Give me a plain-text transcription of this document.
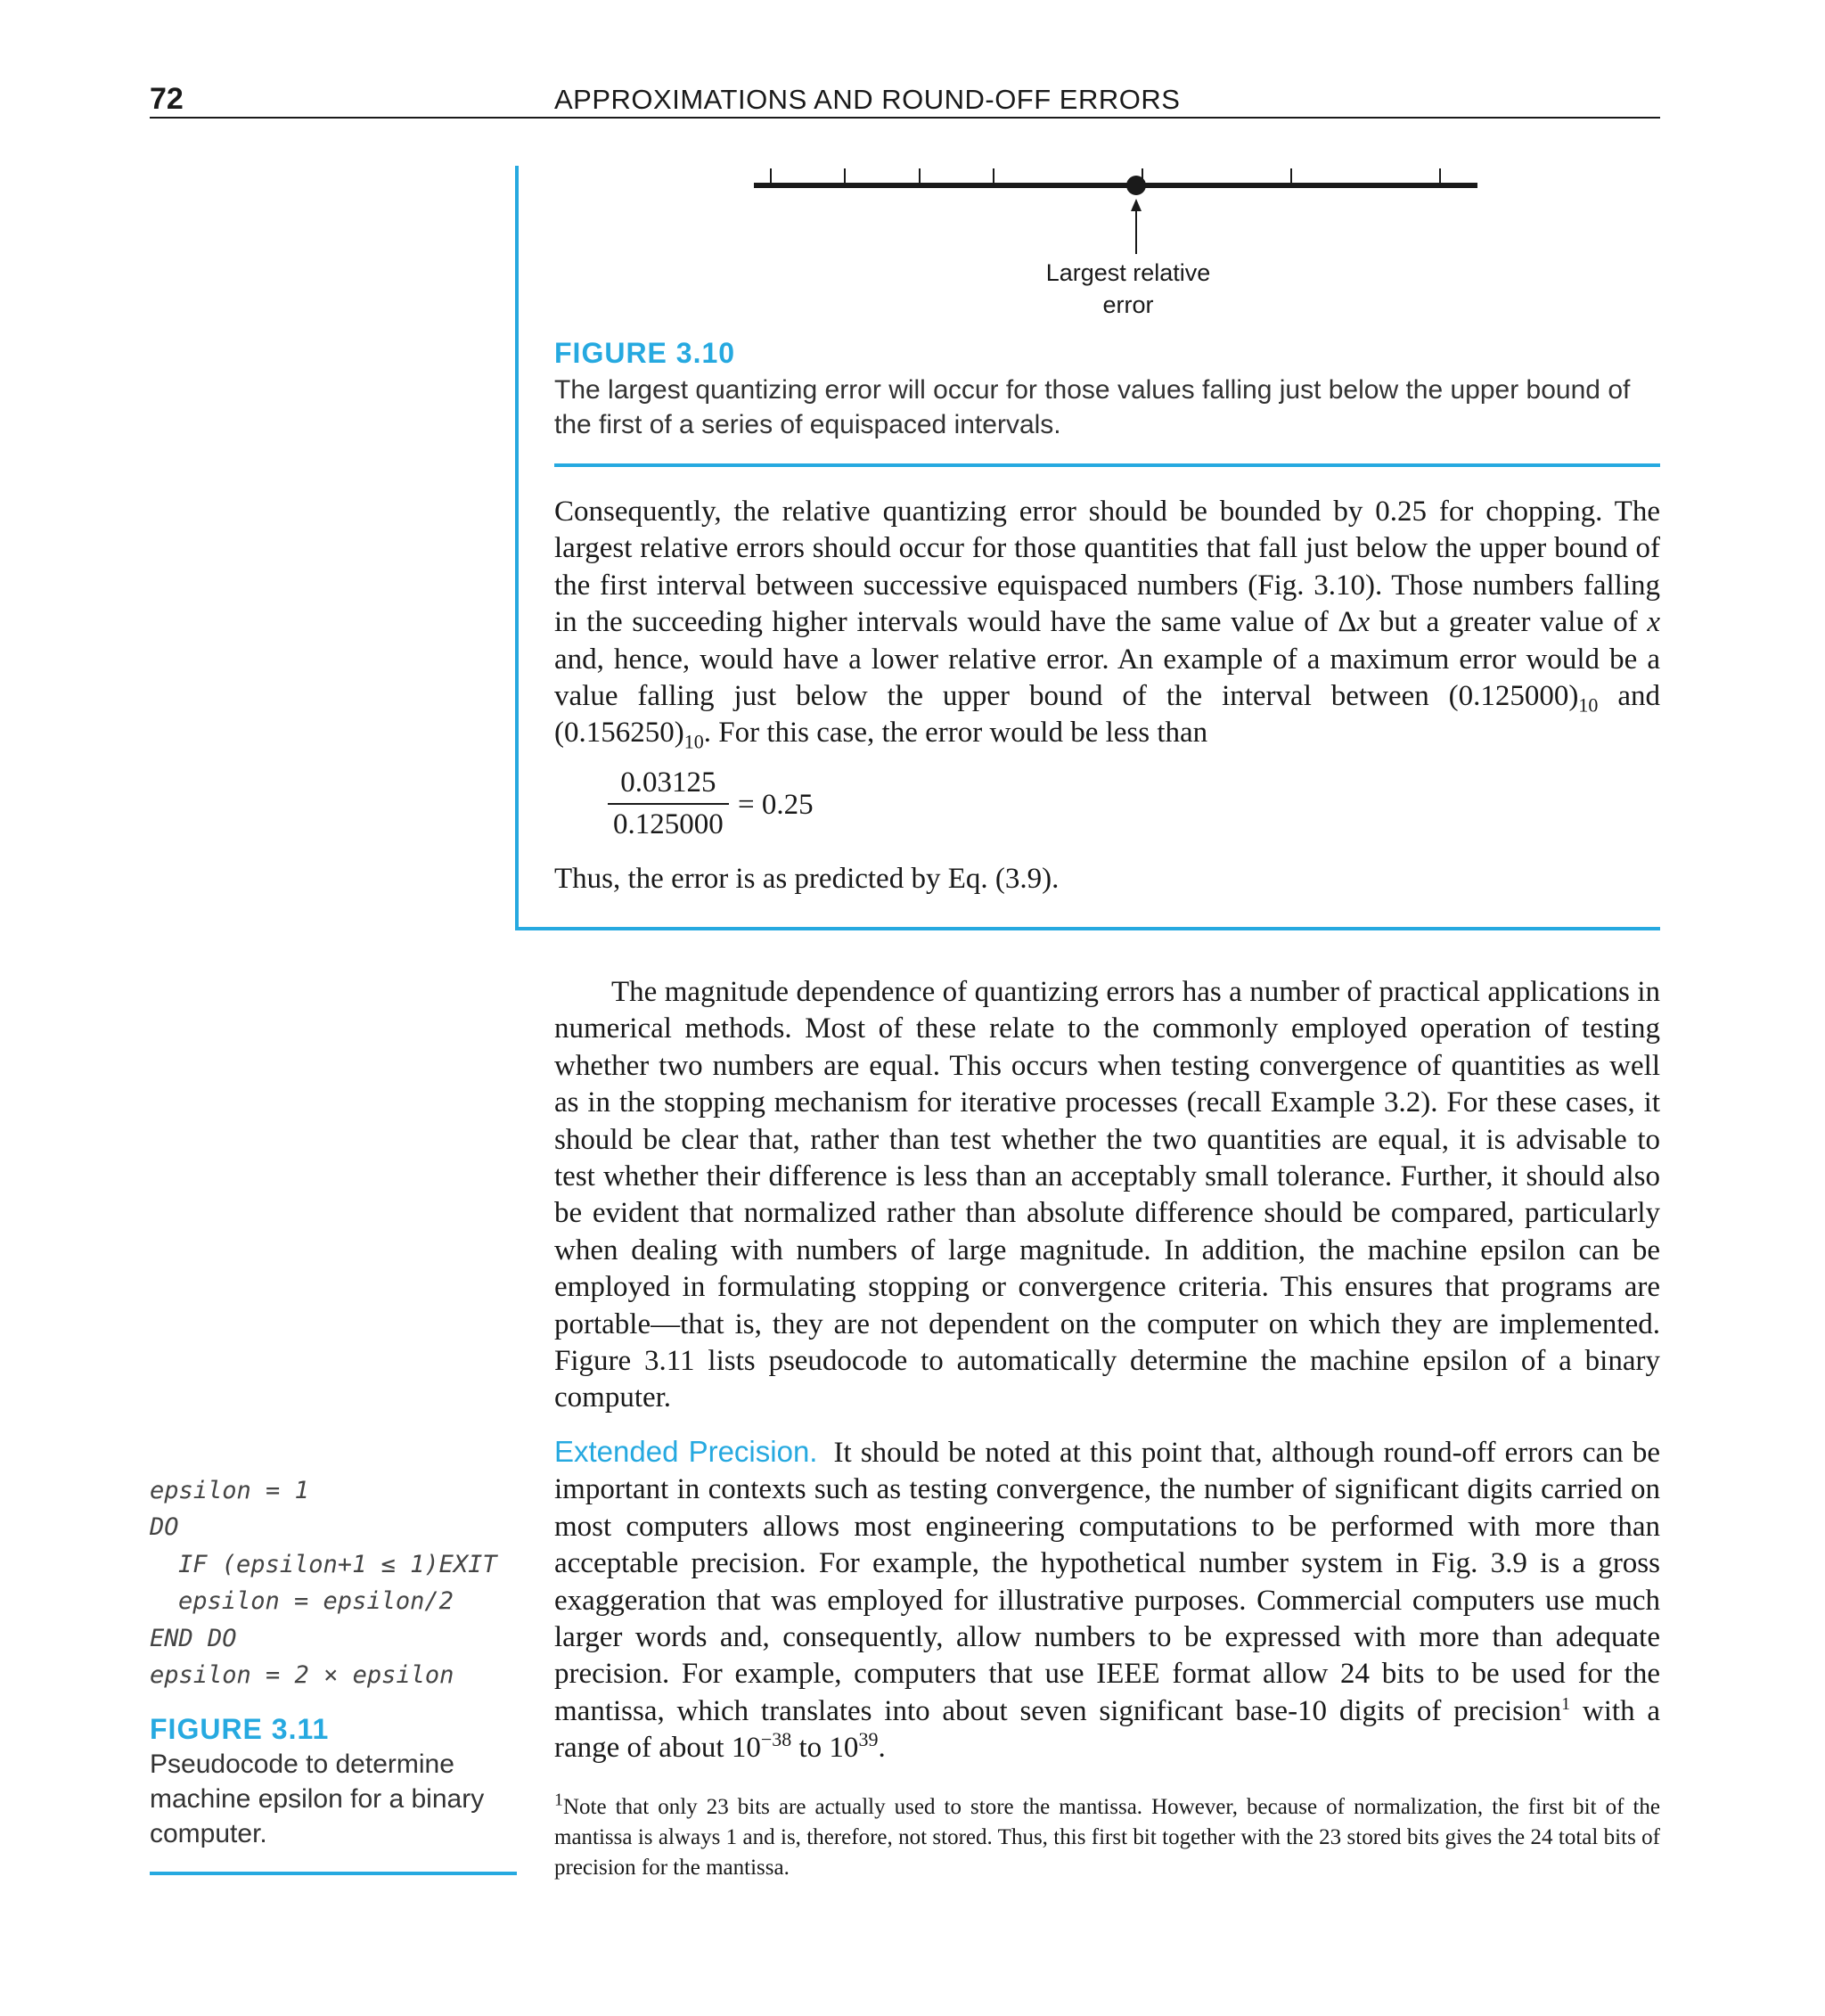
72	APPROXIMATIONS AND ROUND-OFF ERRORS
Largest relative
error
FIGURE 3.10
The largest quantizing error will occur for those values falling just below the upper bound of the first of a series of equispaced intervals.
Consequently, the relative quantizing error should be bounded by 0.25 for chopping. The largest relative errors should occur for those quantities that fall just below the upper bound of the first interval between successive equispaced numbers (Fig. 3.10). Those numbers falling in the succeeding higher intervals would have the same value of Δx but a greater value of x and, hence, would have a lower relative error. An example of a maximum error would be a value falling just below the upper bound of the interval between $(0.125000)_{10}$ and $(0.156250)_{10}$. For this case, the error would be less than
0.03125
0.125000
= 0.25
Thus, the error is as predicted by Eq. (3.9).
The magnitude dependence of quantizing errors has a number of practical applications in numerical methods. Most of these relate to the commonly employed operation of testing whether two numbers are equal. This occurs when testing convergence of quantities as well as in the stopping mechanism for iterative processes (recall Example 3.2). For these cases, it should be clear that, rather than test whether the two quantities are equal, it is advisable to test whether their difference is less than an acceptably small tolerance. Further, it should also be evident that normalized rather than absolute difference should be compared, particularly when dealing with numbers of large magnitude. In addition, the machine epsilon can be employed in formulating stopping or convergence criteria. This ensures that programs are portable—that is, they are not dependent on the computer on which they are implemented. Figure 3.11 lists pseudocode to automatically determine the machine epsilon of a binary computer.
Extended Precision. It should be noted at this point that, although round-off errors can be important in contexts such as testing convergence, the number of significant digits carried on most computers allows most engineering computations to be performed with more than acceptable precision. For example, the hypothetical number system in Fig. 3.9 is a gross exaggeration that was employed for illustrative purposes. Commercial computers use much larger words and, consequently, allow numbers to be expressed with more than adequate precision. For example, computers that use IEEE format allow 24 bits to be used for the mantissa, which translates into about seven significant base-10 digits of precision$^1$ with a range of about $10^{-38}$ to $10^{39}$.
$^1$Note that only 23 bits are actually used to store the mantissa. However, because of normalization, the first bit of the mantissa is always 1 and is, therefore, not stored. Thus, this first bit together with the 23 stored bits gives the 24 total bits of precision for the mantissa.
epsilon = 1
DO
IF (epsilon+1 ≤ 1)EXIT
epsilon = epsilon/2
END DO
epsilon = 2 × epsilon
FIGURE 3.11
Pseudocode to determine machine epsilon for a binary computer.
